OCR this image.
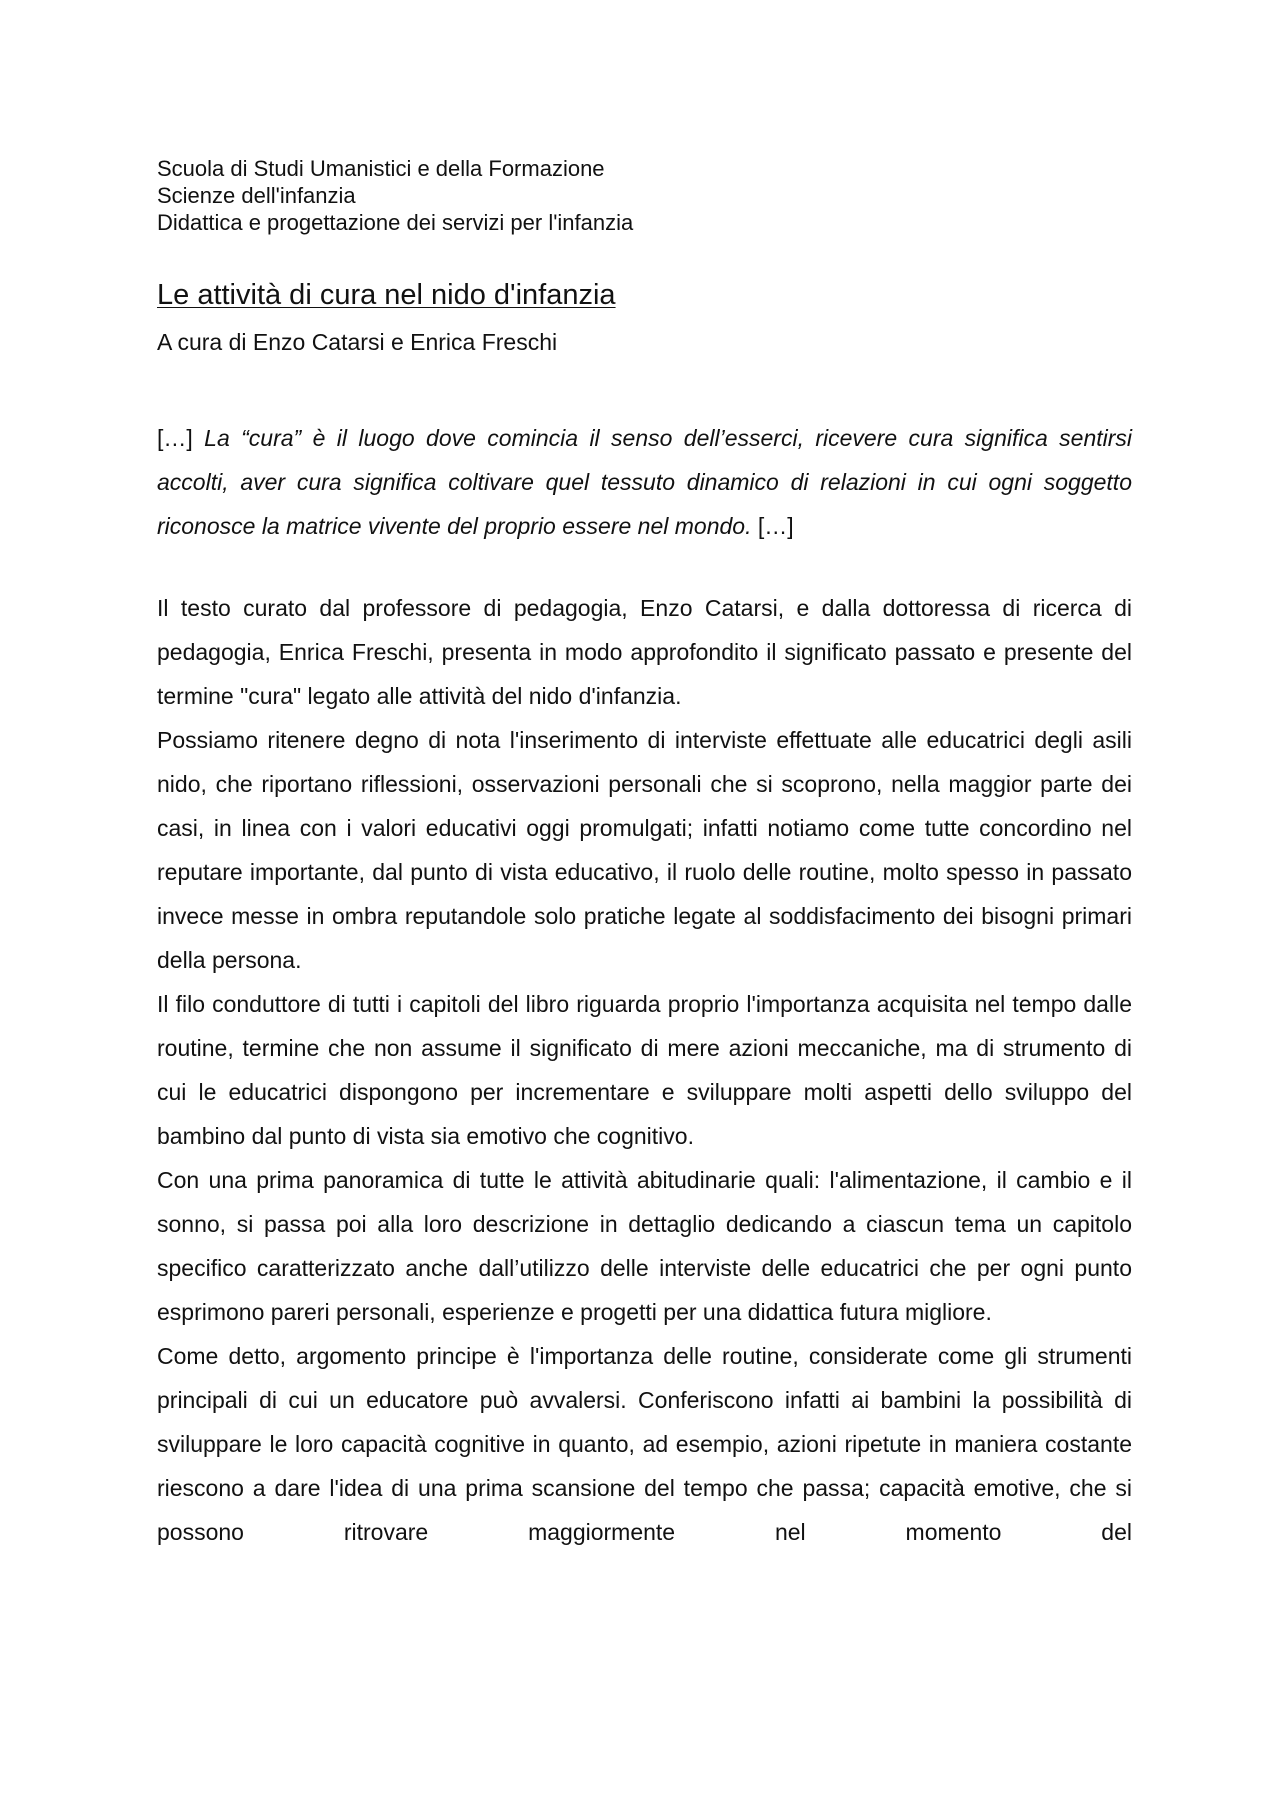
Scuola di Studi Umanistici e della Formazione
Scienze dell'infanzia
Didattica e progettazione dei servizi per l'infanzia
Le attività di cura nel nido d'infanzia
A cura di Enzo Catarsi e Enrica Freschi
[…] La “cura” è il luogo dove comincia il senso dell’esserci, ricevere cura significa sentirsi accolti, aver cura significa coltivare quel tessuto dinamico di relazioni in cui ogni soggetto riconosce la matrice vivente del proprio essere nel mondo. […]

Il testo curato dal professore di pedagogia, Enzo Catarsi, e dalla dottoressa di ricerca di pedagogia, Enrica Freschi, presenta in modo approfondito il significato passato e presente del termine "cura" legato alle attività del nido d'infanzia.

Possiamo ritenere degno di nota l'inserimento di interviste effettuate alle educatrici degli asili nido, che riportano riflessioni, osservazioni personali che si scoprono, nella maggior parte dei casi, in linea con i valori educativi oggi promulgati; infatti notiamo come tutte concordino nel reputare importante, dal punto di vista educativo, il ruolo delle routine, molto spesso in passato invece messe in ombra reputandole solo pratiche legate al soddisfacimento dei bisogni primari della persona.

Il filo conduttore di tutti i capitoli del libro riguarda proprio l'importanza acquisita nel tempo dalle routine, termine che non assume il significato di mere azioni meccaniche, ma di strumento di cui le educatrici dispongono per incrementare e sviluppare molti aspetti dello sviluppo del bambino dal punto di vista sia emotivo che cognitivo.

Con una prima panoramica di tutte le attività abitudinarie quali: l'alimentazione, il cambio e il sonno, si passa poi alla loro descrizione in dettaglio dedicando a ciascun tema un capitolo specifico caratterizzato anche dall’utilizzo delle interviste delle educatrici che per ogni punto esprimono pareri personali, esperienze e progetti per una didattica futura migliore.

Come detto, argomento principe è l'importanza delle routine, considerate come gli strumenti principali di cui un educatore può avvalersi. Conferiscono infatti ai bambini la possibilità di sviluppare le loro capacità cognitive in quanto, ad esempio, azioni ripetute in maniera costante riescono a dare l'idea di una prima scansione del tempo che passa; capacità emotive, che si possono ritrovare maggiormente nel momento del
